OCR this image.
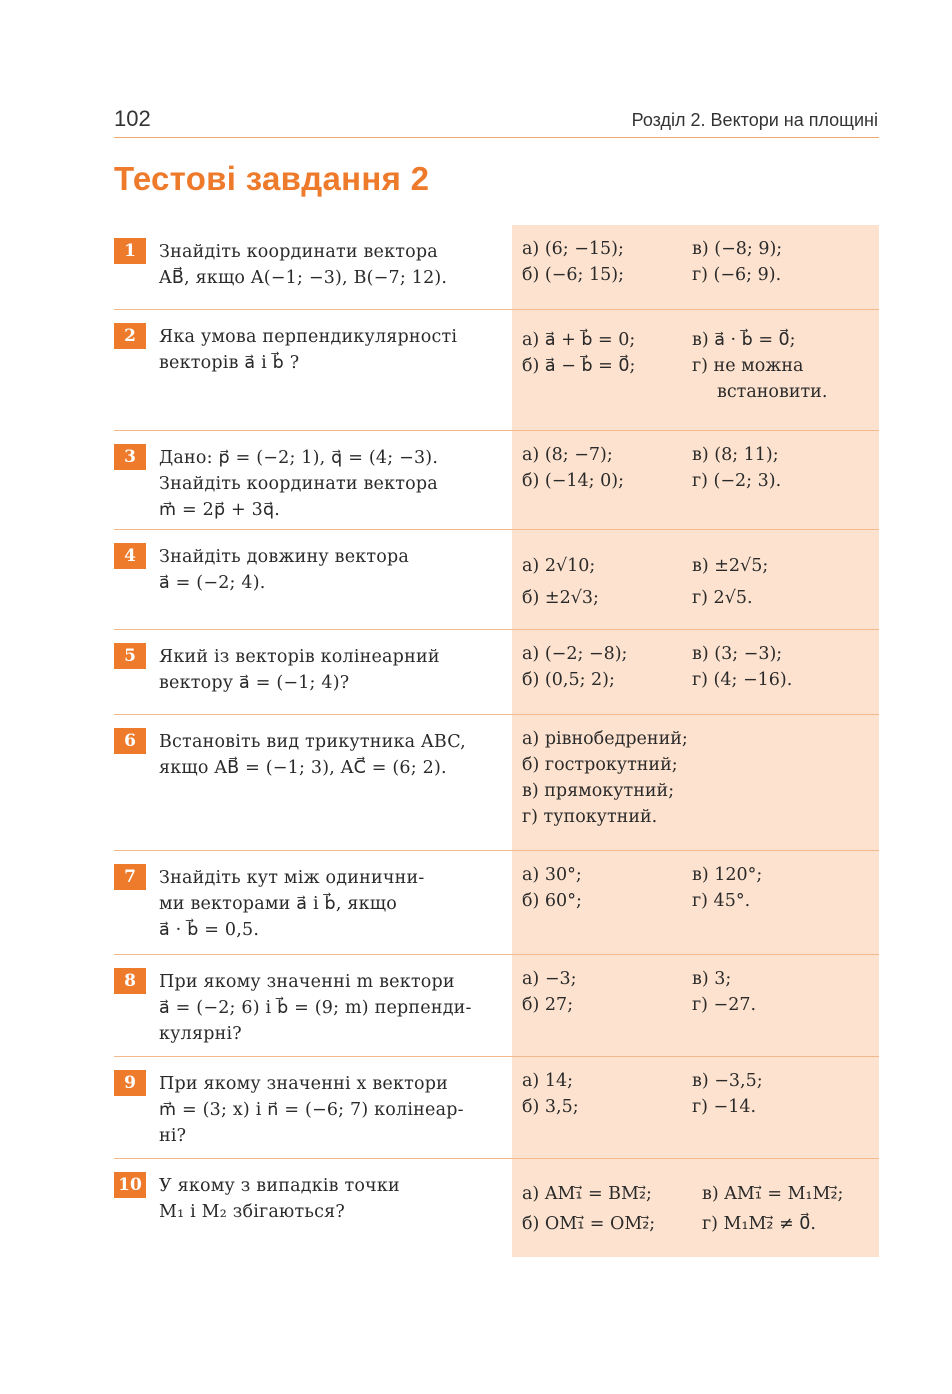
102	Розділ 2. Вектори на площині
Тестові завдання 2
1	Знайдіть координати вектора
AB⃗, якщо A(−1; −3), B(−7; 12).
а) (6; −15);	в) (−8; 9);
б) (−6; 15);	г) (−6; 9).
2	Яка умова перпендикулярності
векторів a⃗ і b⃗ ?
а) a⃗ + b⃗ = 0;	в) a⃗ · b⃗ = 0⃗;
б) a⃗ − b⃗ = 0⃗;	г) не можна
встановити.
3	Дано: p⃗ = (−2; 1), q⃗ = (4; −3).
Знайдіть координати вектора
m⃗ = 2p⃗ + 3q⃗.
а) (8; −7);	в) (8; 11);
б) (−14; 0);	г) (−2; 3).
4	Знайдіть довжину вектора
a⃗ = (−2; 4).
а) 2√10;	в) ±2√5;
б) ±2√3;	г) 2√5.
5	Який із векторів колінеарний
вектору a⃗ = (−1; 4)?
а) (−2; −8);	в) (3; −3);
б) (0,5; 2);	г) (4; −16).
6	Встановіть вид трикутника ABC,
якщо AB⃗ = (−1; 3), AC⃗ = (6; 2).
а) рівнобедрений;
б) гострокутний;
в) прямокутний;
г) тупокутний.
7	Знайдіть кут між одинични-
ми векторами a⃗ і b⃗, якщо
a⃗ · b⃗ = 0,5.
а) 30°;	в) 120°;
б) 60°;	г) 45°.
8	При якому значенні m вектори
a⃗ = (−2; 6) і b⃗ = (9; m) перпенди-
кулярні?
а) −3;	в) 3;
б) 27;	г) −27.
9	При якому значенні x вектори
m⃗ = (3; x) і n⃗ = (−6; 7) колінеар-
ні?
а) 14;	в) −3,5;
б) 3,5;	г) −14.
10 У якому з випадків точки
M₁ і M₂ збігаються?
а) AM₁⃗ = BM₂⃗;	в) AM₁⃗ = M₁M₂⃗;
б) OM₁⃗ = OM₂⃗;	г) M₁M₂⃗ ≠ 0⃗.
